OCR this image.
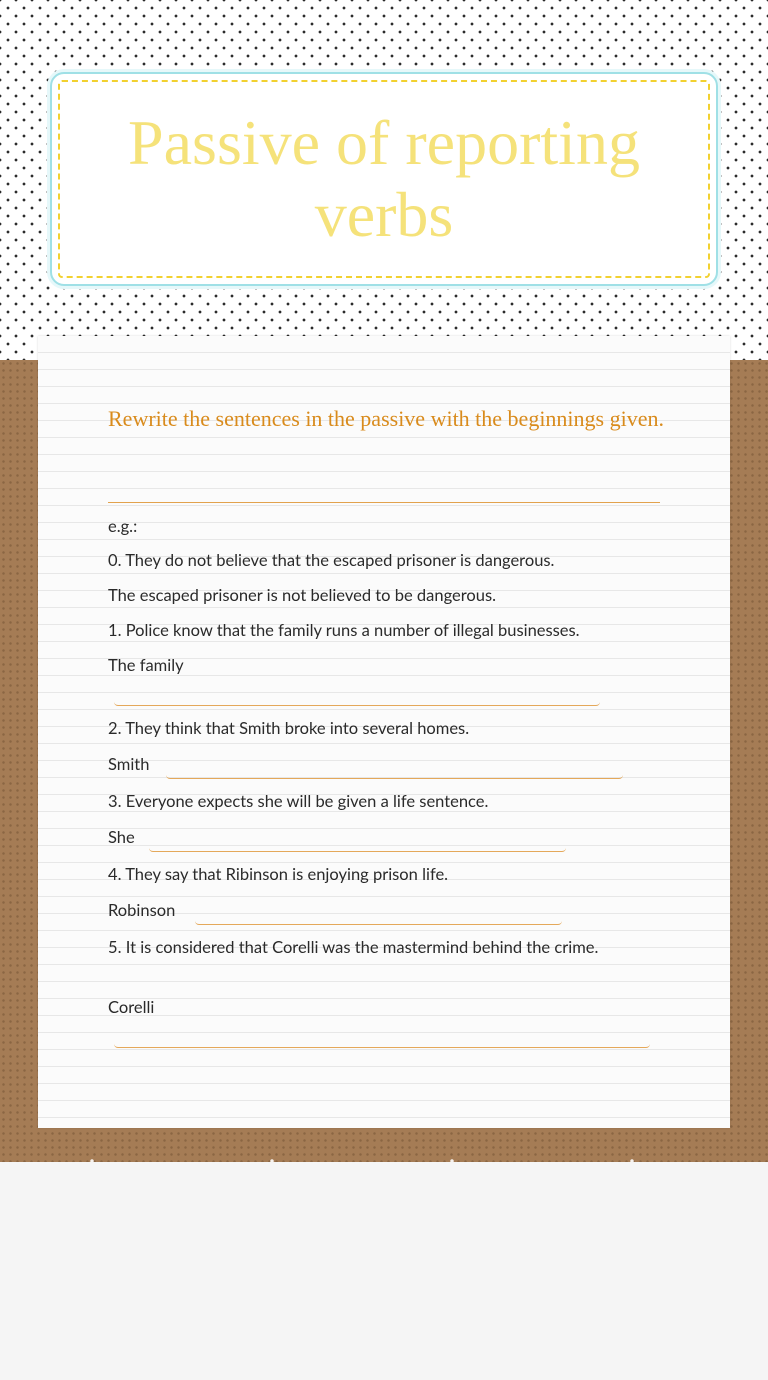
Passive of reporting verbs
Rewrite the sentences in the passive with the beginnings given.
e.g.:
0. They do not believe that the escaped prisoner is dangerous.
The escaped prisoner is not believed to be dangerous.
1. Police know that the family runs a number of illegal businesses.
The family
2. They think that Smith broke into several homes.
Smith
3. Everyone expects she will be given a life sentence.
She
4. They say that Ribinson is enjoying prison life.
Robinson
5. It is considered that Corelli was the mastermind behind the crime.
Corelli
